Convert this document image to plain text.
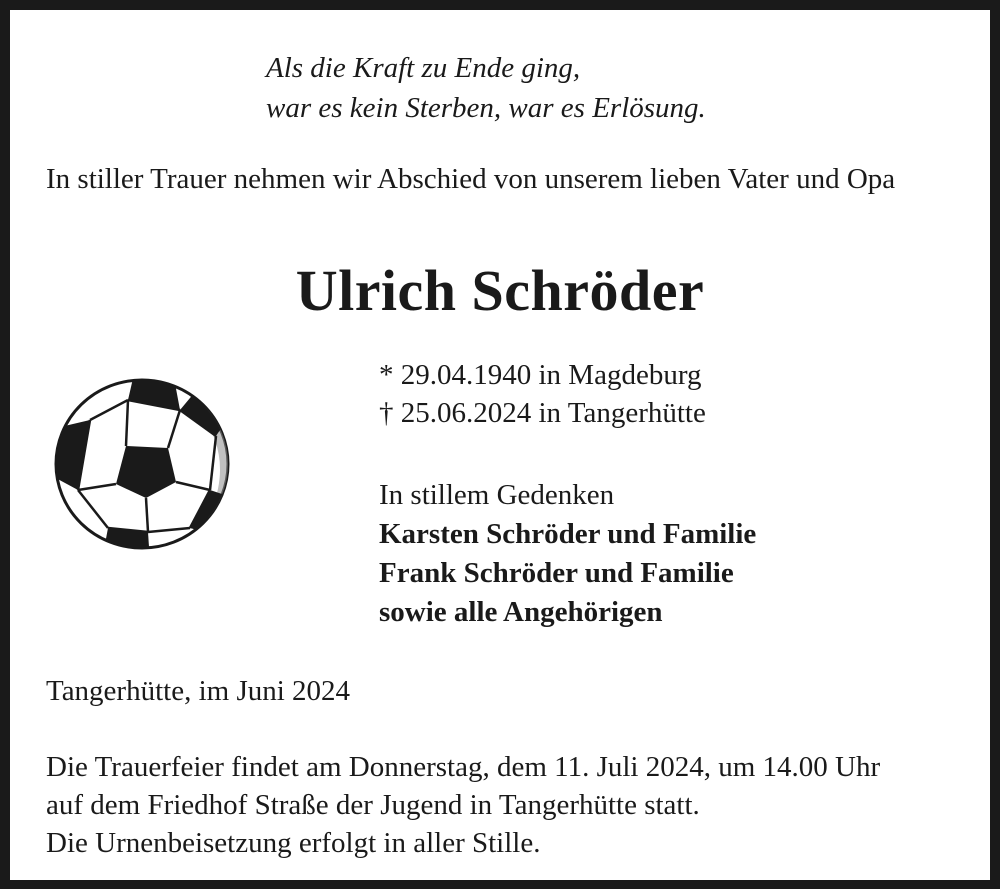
Als die Kraft zu Ende ging,
war es kein Sterben, war es Erlösung.
In stiller Trauer nehmen wir Abschied von unserem lieben Vater und Opa
Ulrich Schröder
* 29.04.1940 in Magdeburg
† 25.06.2024 in Tangerhütte
In stillem Gedenken
Karsten Schröder und Familie
Frank Schröder und Familie
sowie alle Angehörigen
Tangerhütte, im Juni 2024
Die Trauerfeier findet am Donnerstag, dem 11. Juli 2024, um 14.00 Uhr
auf dem Friedhof Straße der Jugend in Tangerhütte statt.
Die Urnenbeisetzung erfolgt in aller Stille.
